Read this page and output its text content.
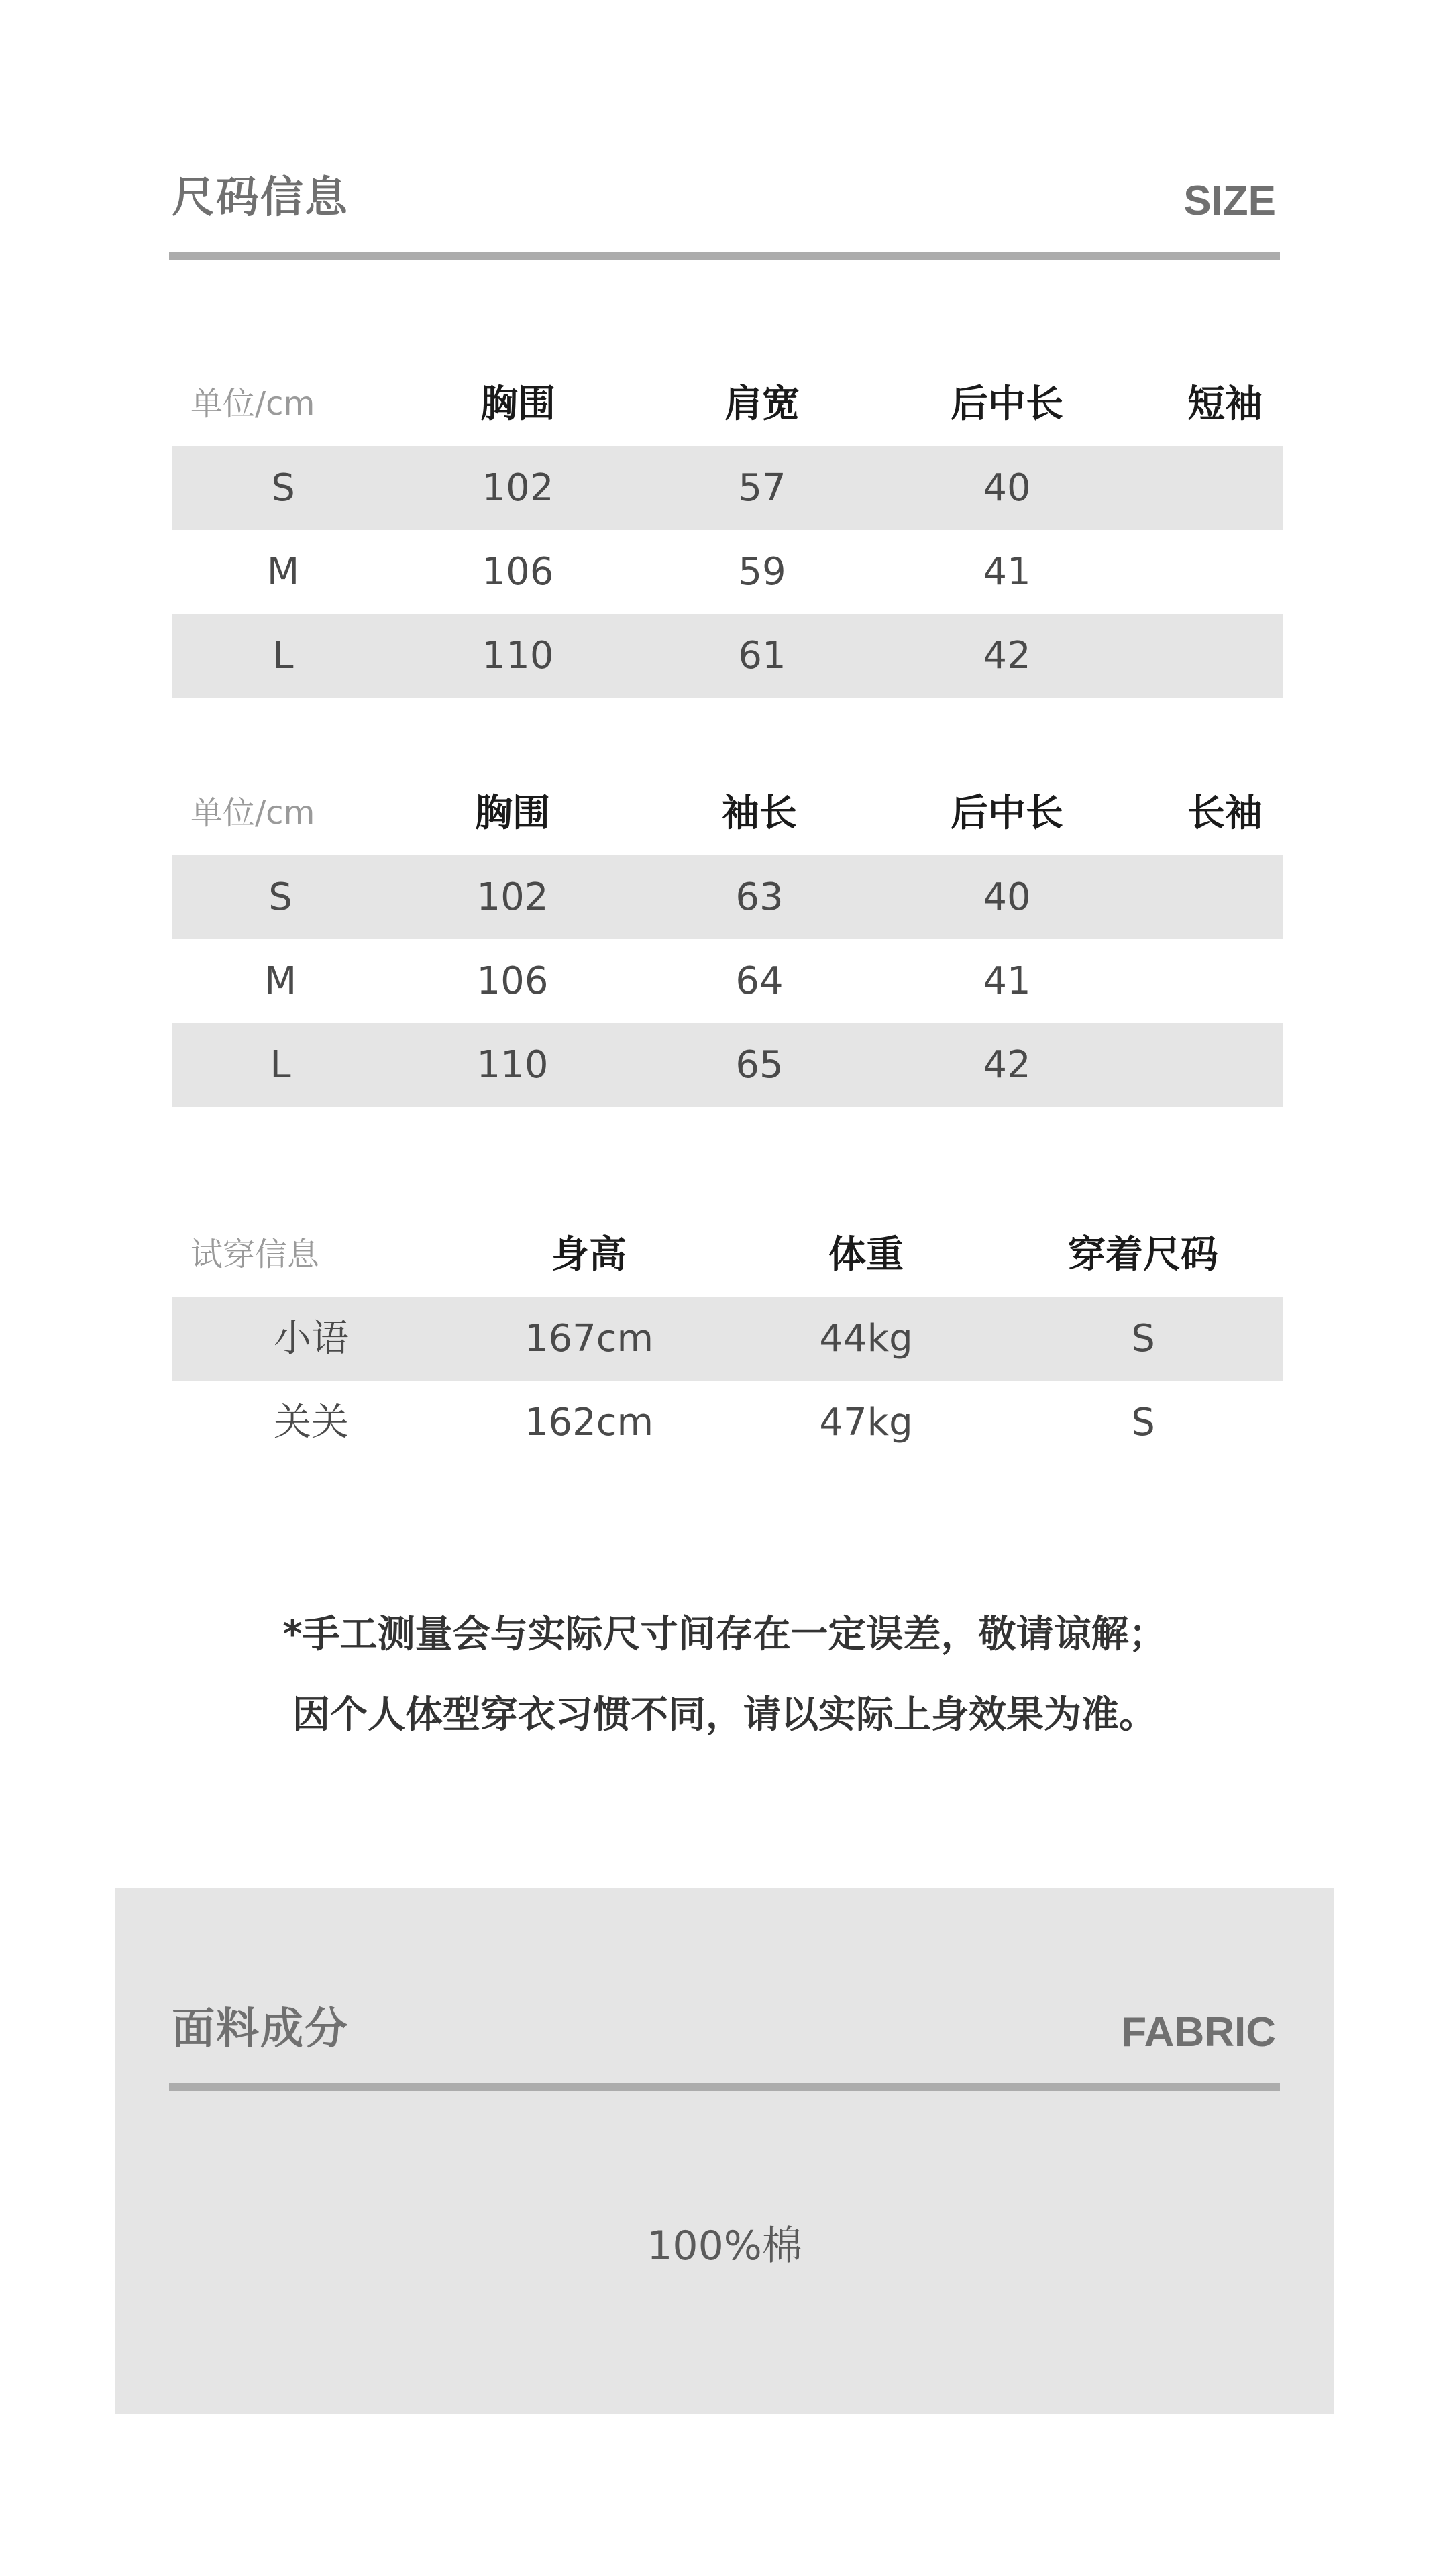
尺码信息	SIZE
单位/cm	胸围	肩宽	后中长	短袖
S	102	57	40
M	106	59	41
L	110	61	42
单位/cm	胸围	袖长	后中长	长袖
S	102	63	40
M	106	64	41
L	110	65	42
试穿信息	身高	体重	穿着尺码
小语	167cm	44kg	S
关关	162cm	47kg	S
*手工测量会与实际尺寸间存在一定误差，敬请谅解；
因个人体型穿衣习惯不同，请以实际上身效果为准。
面料成分	FABRIC
100%棉
